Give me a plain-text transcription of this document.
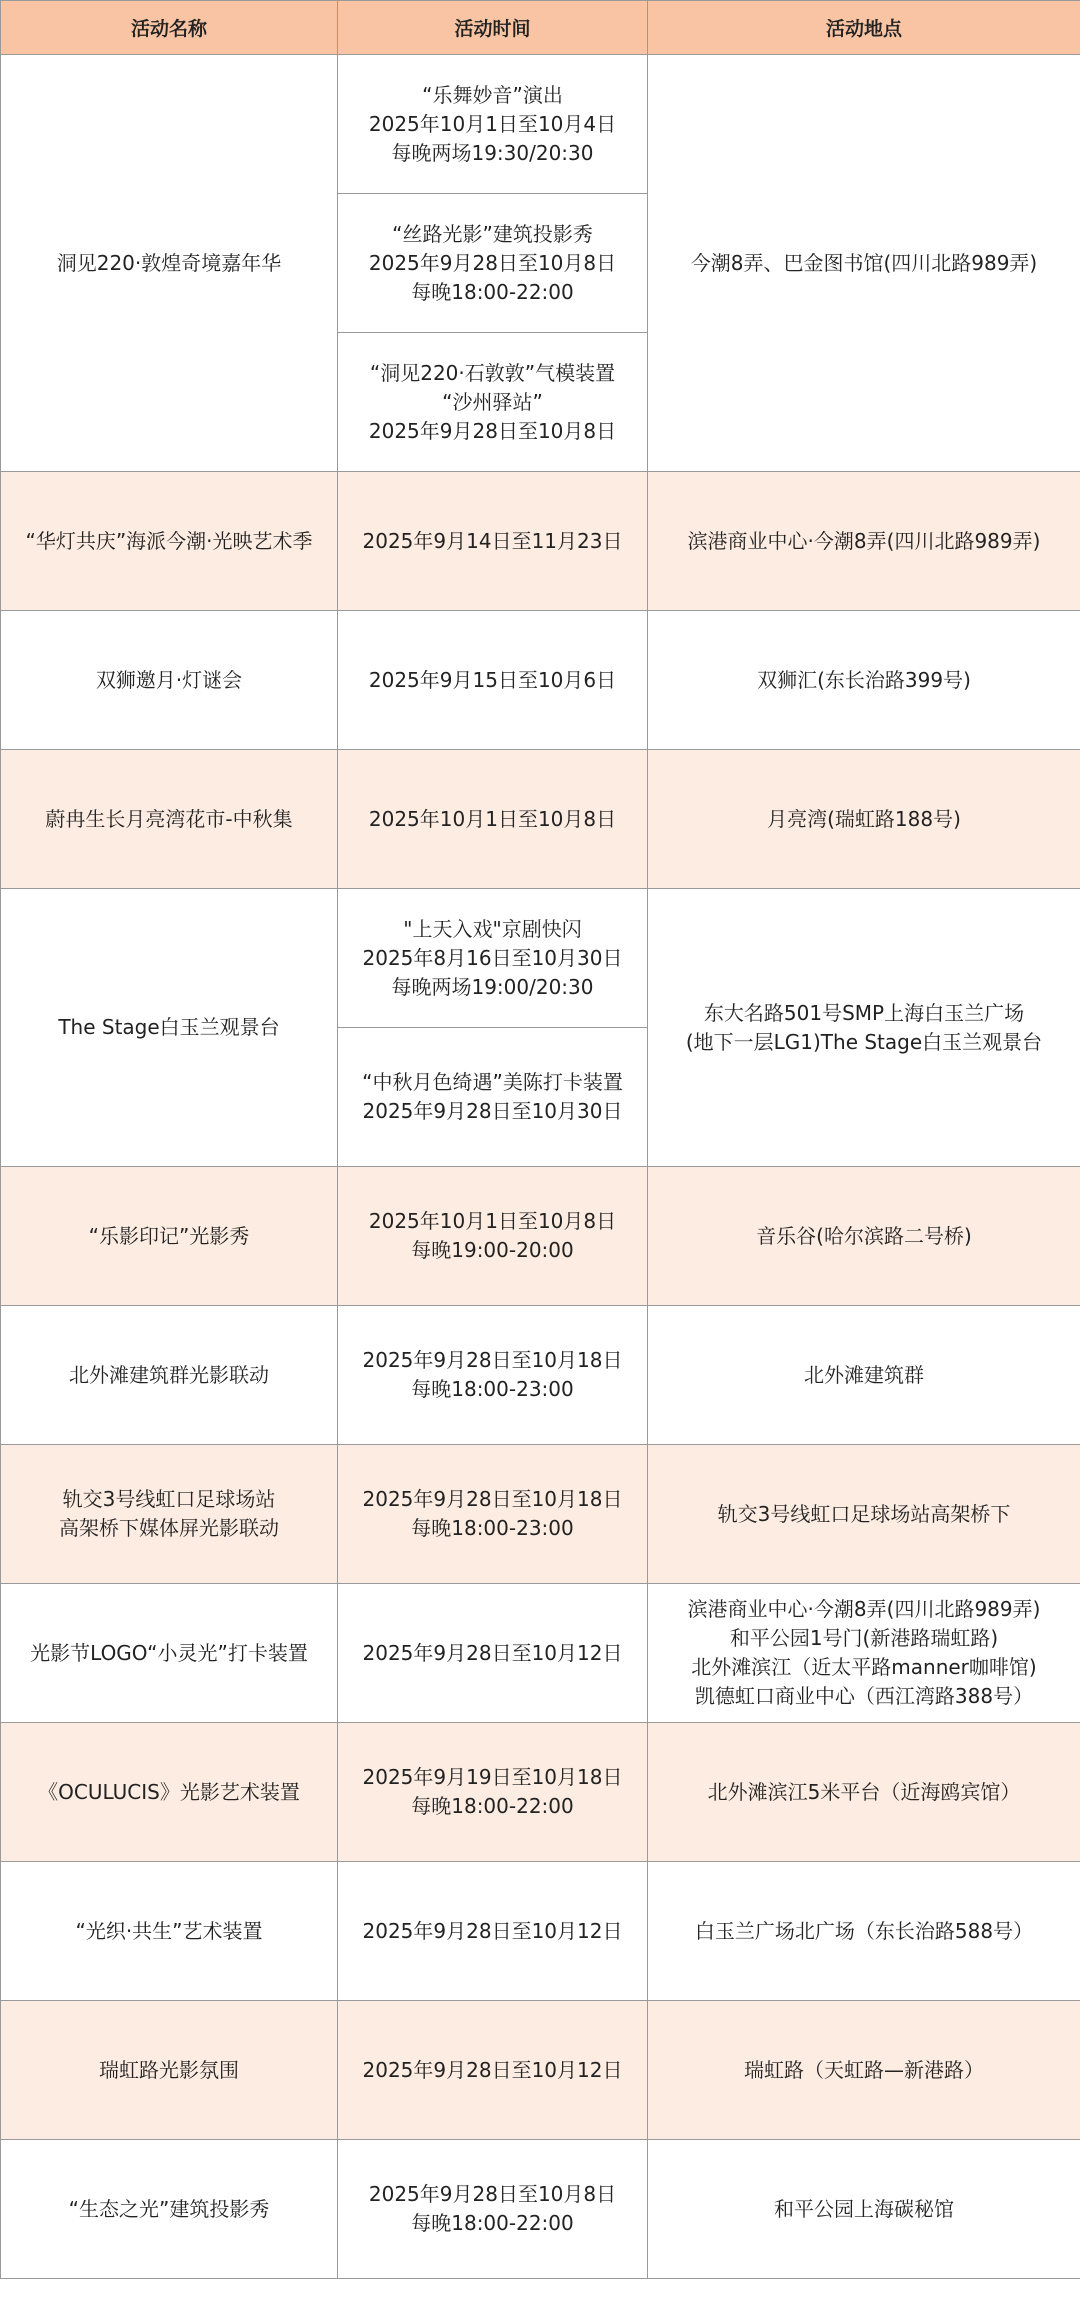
活动名称	活动时间	活动地点
洞见220·敦煌奇境嘉年华	“乐舞妙音”演出
2025年10月1日至10月4日
每晚两场19:30/20:30	今潮8弄、巴金图书馆(四川北路989弄)
	“丝路光影”建筑投影秀
2025年9月28日至10月8日
每晚18:00-22:00	
	“洞见220·石敦敦”气模装置
“沙州驿站”
2025年9月28日至10月8日	
“华灯共庆”海派今潮·光映艺术季	2025年9月14日至11月23日	滨港商业中心·今潮8弄(四川北路989弄)
双狮邀月·灯谜会	2025年9月15日至10月6日	双狮汇(东长治路399号)
蔚冉生长月亮湾花市-中秋集	2025年10月1日至10月8日	月亮湾(瑞虹路188号)
The Stage白玉兰观景台	"上天入戏"京剧快闪
2025年8月16日至10月30日
每晚两场19:00/20:30	东大名路501号SMP上海白玉兰广场
(地下一层LG1)The Stage白玉兰观景台
	“中秋月色绮遇”美陈打卡装置
2025年9月28日至10月30日	
“乐影印记”光影秀	2025年10月1日至10月8日
每晚19:00-20:00	音乐谷(哈尔滨路二号桥)
北外滩建筑群光影联动	2025年9月28日至10月18日
每晚18:00-23:00	北外滩建筑群
轨交3号线虹口足球场站
高架桥下媒体屏光影联动	2025年9月28日至10月18日
每晚18:00-23:00	轨交3号线虹口足球场站高架桥下
光影节LOGO“小灵光”打卡装置	2025年9月28日至10月12日	滨港商业中心·今潮8弄(四川北路989弄)
和平公园1号门(新港路瑞虹路)
北外滩滨江（近太平路manner咖啡馆)
凯德虹口商业中心（西江湾路388号）
《OCULUCIS》光影艺术装置	2025年9月19日至10月18日
每晚18:00-22:00	北外滩滨江5米平台（近海鸥宾馆）
“光织·共生”艺术装置	2025年9月28日至10月12日	白玉兰广场北广场（东长治路588号）
瑞虹路光影氛围	2025年9月28日至10月12日	瑞虹路（天虹路—新港路）
“生态之光”建筑投影秀	2025年9月28日至10月8日
每晚18:00-22:00	和平公园上海碳秘馆
